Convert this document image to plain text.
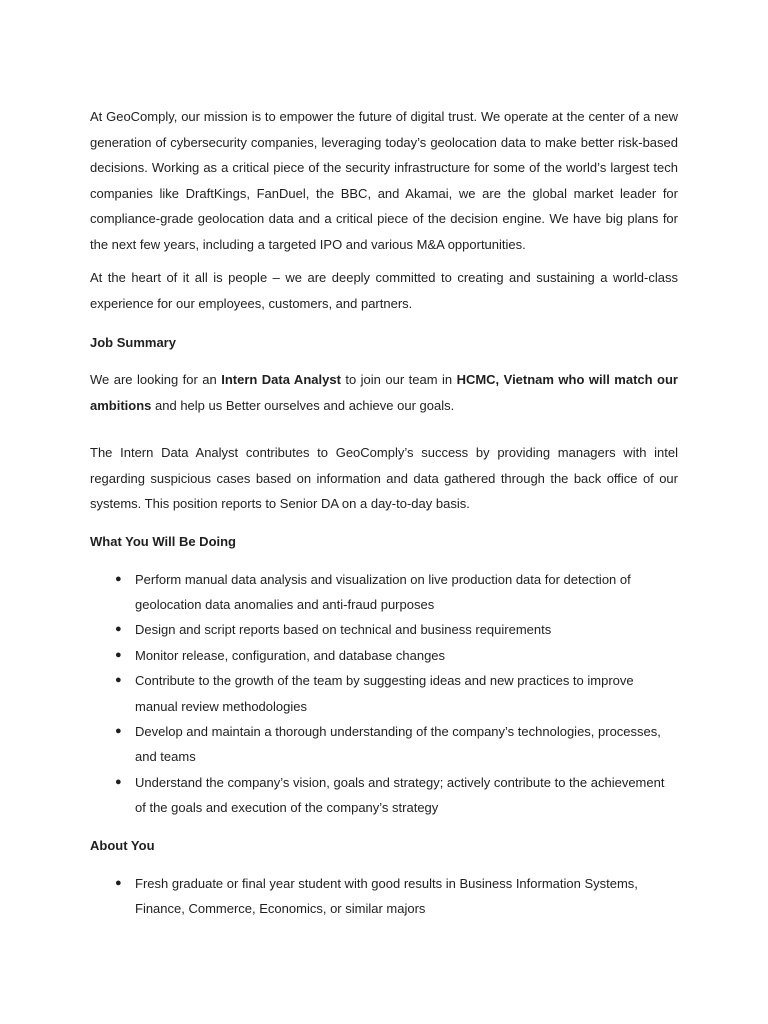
At GeoComply, our mission is to empower the future of digital trust. We operate at the center of a new generation of cybersecurity companies, leveraging today’s geolocation data to make better risk-based decisions. Working as a critical piece of the security infrastructure for some of the world’s largest tech companies like DraftKings, FanDuel, the BBC, and Akamai, we are the global market leader for compliance-grade geolocation data and a critical piece of the decision engine. We have big plans for the next few years, including a targeted IPO and various M&A opportunities.

At the heart of it all is people – we are deeply committed to creating and sustaining a world-class experience for our employees, customers, and partners.

Job Summary

We are looking for an Intern Data Analyst to join our team in HCMC, Vietnam who will match our ambitions and help us Better ourselves and achieve our goals.

The Intern Data Analyst contributes to GeoComply’s success by providing managers with intel regarding suspicious cases based on information and data gathered through the back office of our systems. This position reports to Senior DA on a day-to-day basis.

What You Will Be Doing
● Perform manual data analysis and visualization on live production data for detection of geolocation data anomalies and anti-fraud purposes
● Design and script reports based on technical and business requirements
● Monitor release, configuration, and database changes
● Contribute to the growth of the team by suggesting ideas and new practices to improve manual review methodologies
● Develop and maintain a thorough understanding of the company’s technologies, processes, and teams
● Understand the company’s vision, goals and strategy; actively contribute to the achievement of the goals and execution of the company’s strategy
About You
● Fresh graduate or final year student with good results in Business Information Systems, Finance, Commerce, Economics, or similar majors
